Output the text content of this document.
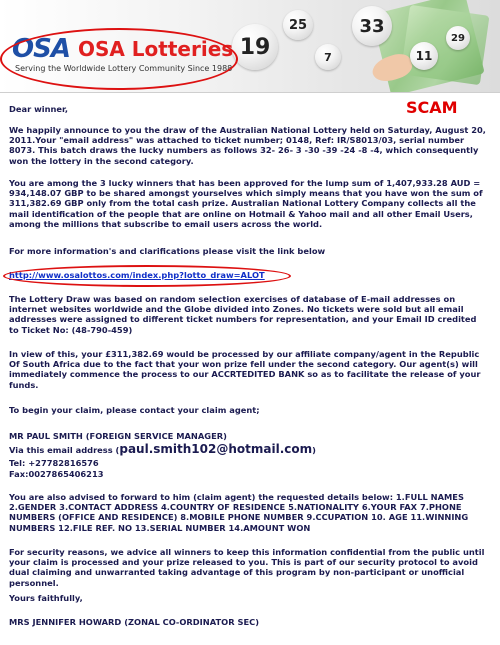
25	33
19	7	11
29
OSA OSA Lotteries
Serving the Worldwide Lottery Community Since 1988
SCAM

Dear winner,

We happily announce to you the draw of the Australian National Lottery held on Saturday, August 20, 2011.Your "email address" was attached to ticket number; 0148, Ref: IR/S8013/03, serial number 8073. This batch draws the lucky numbers as follows 32- 26- 3 -30 -39 -24 -8 -4, which consequently won the lottery in the second category.

You are among the 3 lucky winners that has been approved for the lump sum of 1,407,933.28 AUD = 934,148.07 GBP to be shared amongst yourselves which simply means that you have won the sum of 311,382.69 GBP only from the total cash prize. Australian National Lottery Company collects all the mail identification of the people that are online on Hotmail & Yahoo mail and all other Email Users, among the millions that subscribe to email users across the world.

For more information's and clarifications please visit the link below

http://www.osalottos.com/index.php?lotto_draw=ALOT

The Lottery Draw was based on random selection exercises of database of E-mail addresses on internet websites worldwide and the Globe divided into Zones. No tickets were sold but all email addresses were assigned to different ticket numbers for representation, and your Email ID credited to Ticket No: (48-790-459)

In view of this, your £311,382.69 would be processed by our affiliate company/agent in the Republic Of South Africa due to the fact that your won prize fell under the second category. Our agent(s) will immediately commence the process to our ACCRTEDITED BANK so as to facilitate the release of your funds.

To begin your claim, please contact your claim agent;

MR PAUL SMITH (FOREIGN SERVICE MANAGER)

Via this email address (paul.smith102@hotmail.com)

Tel: +27782816576

Fax:0027865406213

You are also advised to forward to him (claim agent) the requested details below: 1.FULL NAMES 2.GENDER 3.CONTACT ADDRESS 4.COUNTRY OF RESIDENCE 5.NATIONALITY 6.YOUR FAX 7.PHONE NUMBERS (OFFICE AND RESIDENCE) 8.MOBILE PHONE NUMBER 9.CCUPATION 10. AGE 11.WINNING NUMBERS 12.FILE REF. NO 13.SERIAL NUMBER 14.AMOUNT WON

For security reasons, we advice all winners to keep this information confidential from the public until your claim is processed and your prize released to you. This is part of our security protocol to avoid dual claiming and unwarranted taking advantage of this program by non-participant or unofficial personnel.

Yours faithfully,

MRS JENNIFER HOWARD (ZONAL CO-ORDINATOR SEC)
